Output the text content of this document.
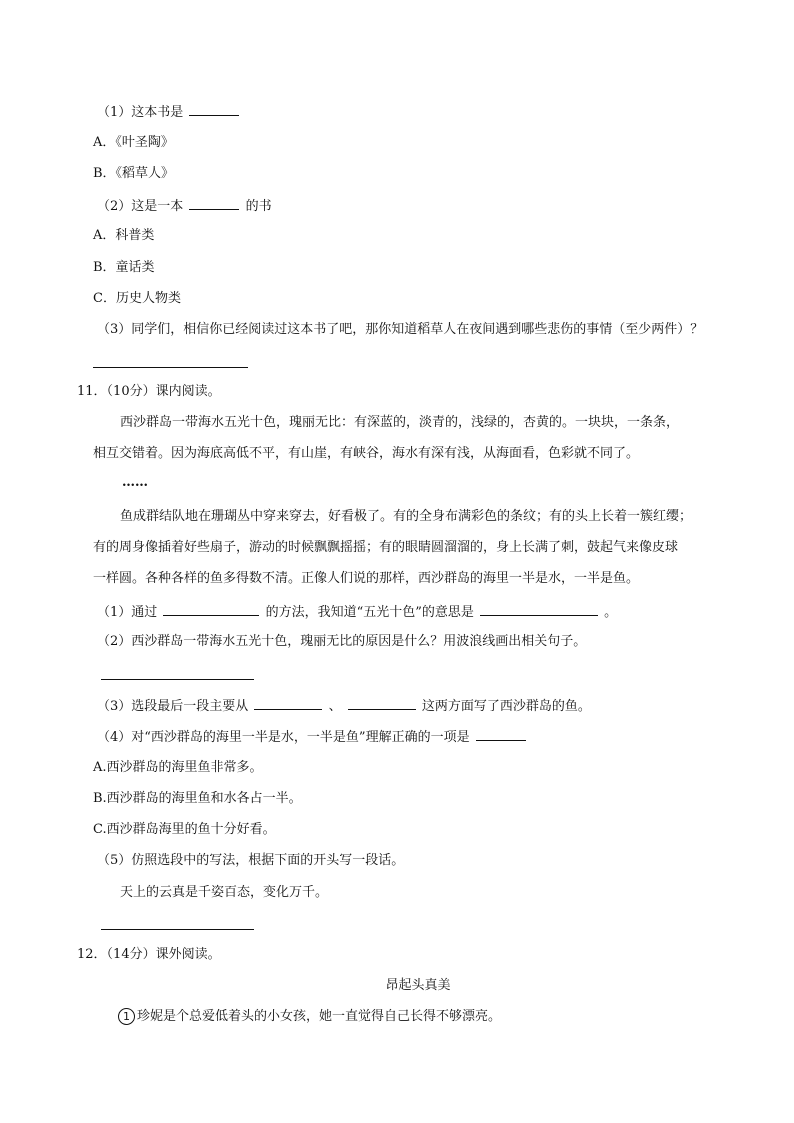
（1）这本书是
A．《叶圣陶》
B．《稻草人》
（2）这是一本	的书
A．科普类
B．童话类
C．历史人物类
（3）同学们，相信你已经阅读过这本书了吧，那你知道稻草人在夜间遇到哪些悲伤的事情（至少两件）？
11．（10分）课内阅读。
西沙群岛一带海水五光十色，瑰丽无比：有深蓝的，淡青的，浅绿的，杏黄的。一块块，一条条，
相互交错着。因为海底高低不平，有山崖，有峡谷，海水有深有浅，从海面看，色彩就不同了。
……
鱼成群结队地在珊瑚丛中穿来穿去，好看极了。有的全身布满彩色的条纹；有的头上长着一簇红缨；
有的周身像插着好些扇子，游动的时候飘飘摇摇；有的眼睛圆溜溜的，身上长满了刺，鼓起气来像皮球
一样圆。各种各样的鱼多得数不清。正像人们说的那样，西沙群岛的海里一半是水，一半是鱼。
（1）通过	的方法，我知道“五光十色”的意思是	。
（2）西沙群岛一带海水五光十色，瑰丽无比的原因是什么？用波浪线画出相关句子。
（3）选段最后一段主要从	、	这两方面写了西沙群岛的鱼。
（4）对“西沙群岛的海里一半是水，一半是鱼”理解正确的一项是
A.西沙群岛的海里鱼非常多。
B.西沙群岛的海里鱼和水各占一半。
C.西沙群岛海里的鱼十分好看。
（5）仿照选段中的写法，根据下面的开头写一段话。
天上的云真是千姿百态，变化万千。
12．（14分）课外阅读。
昂起头真美
1 珍妮是个总爱低着头的小女孩，她一直觉得自己长得不够漂亮。
